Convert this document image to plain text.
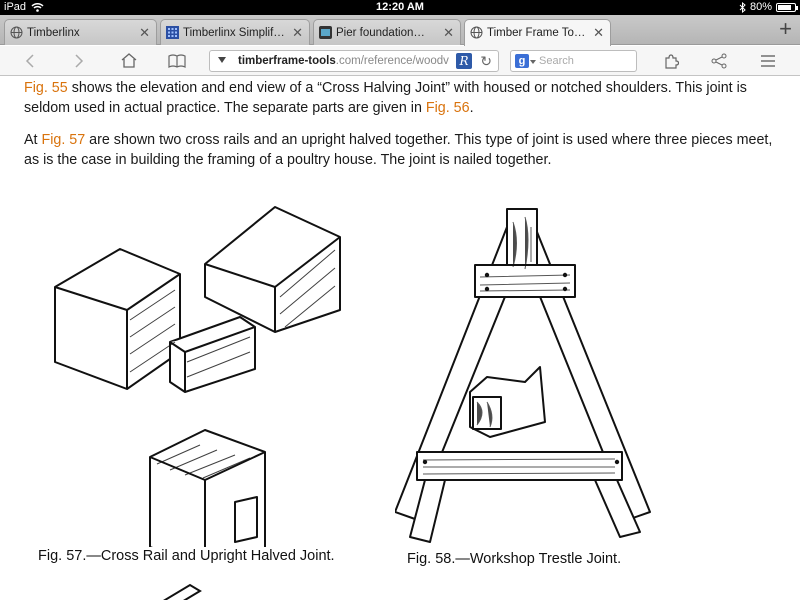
iPad	12:20 AM	80%
Timberlinx	✕	Timberlinx Simplif… ✕	Pier foundation… ✕	Timber Frame To… ✕	+
timberframe-tools .com/reference/woodv R ↻	g	Search

Fig. 55 shows the elevation and end view of a “Cross Halving Joint” with housed or notched shoulders. This joint is seldom used in actual practice. The separate parts are given in Fig. 56.

At Fig. 57 are shown two cross rails and an upright halved together. This type of joint is used where three pieces meet, as is the case in building the framing of a poultry house. The joint is nailed together.

Fig. 57.—Cross Rail and Upright Halved Joint.	Fig. 58.—Workshop Trestle Joint.
